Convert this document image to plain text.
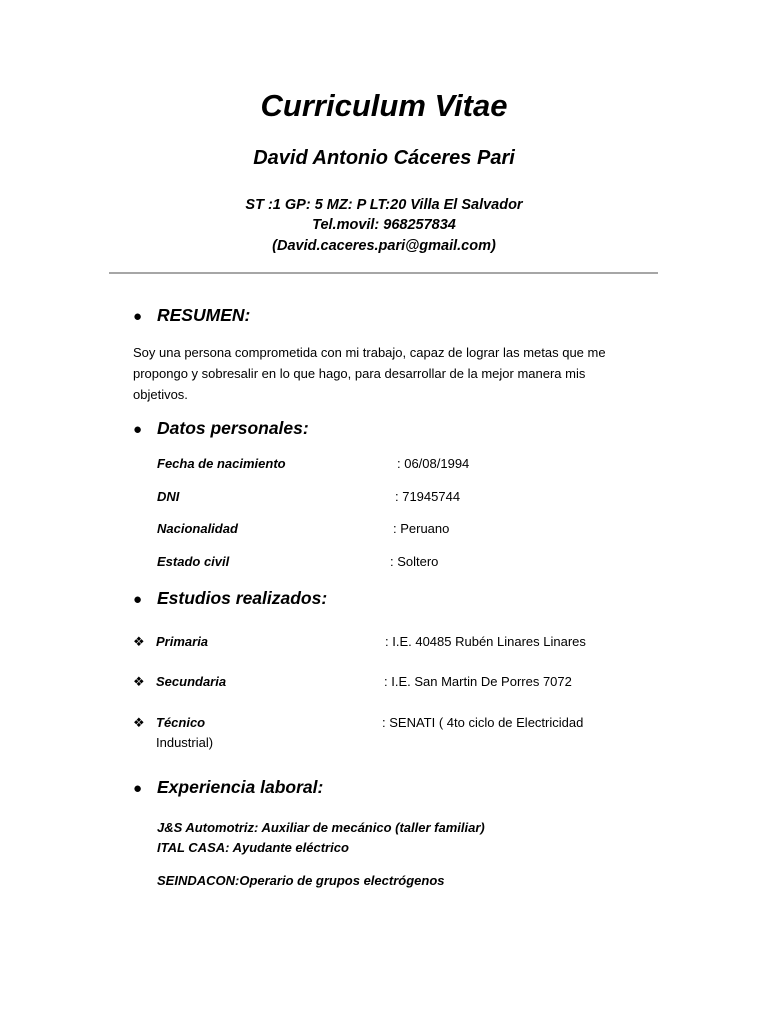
Curriculum Vitae
David Antonio Cáceres Pari
ST :1 GP: 5 MZ: P LT:20 Villa El Salvador
Tel.movil: 968257834
(David.caceres.pari@gmail.com)
● RESUMEN:

Soy una persona comprometida con mi trabajo, capaz de lograr las metas que me

propongo y sobresalir en lo que hago, para desarrollar de la mejor manera mis

objetivos.

● Datos personales:
Fecha de nacimiento	: 06/08/1994
DNI	: 71945744
Nacionalidad	: Peruano
Estado civil	: Soltero
● Estudios realizados:
❖ Primaria	: I.E. 40485 Rubén Linares Linares
❖ Secundaria	: I.E. San Martin De Porres 7072
❖ Técnico	: SENATI ( 4to ciclo de Electricidad
Industrial)
● Experiencia laboral:
J&S Automotriz: Auxiliar de mecánico (taller familiar)
ITAL CASA: Ayudante eléctrico
SEINDACON:Operario de grupos electrógenos
